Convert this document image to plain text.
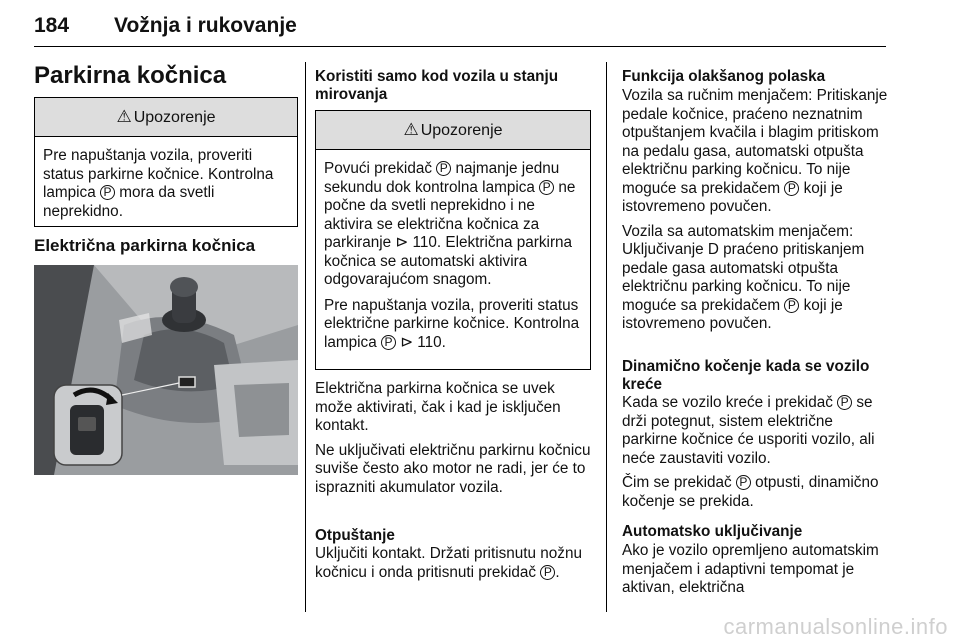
184 Vožnja i rukovanje
Parkirna kočnica
⚠ Upozorenje
Pre napuštanja vozila, proveriti status parkirne kočnice. Kontrolna lampica P mora da svetli neprekidno.
Električna parkirna kočnica
Koristiti samo kod vozila u stanju mirovanja
⚠ Upozorenje

Povući prekidač P najmanje jednu sekundu dok kontrolna lampica P ne počne da svetli neprekidno i ne aktivira se električna kočnica za parkiranje ⊳ 110. Električna parkirna kočnica se automatski aktivira odgovarajućom snagom.

Pre napuštanja vozila, proveriti status električne parkirne kočnice. Kontrolna lampica P ⊳ 110.

Električna parkirna kočnica se uvek može aktivirati, čak i kad je isključen kontakt.

Ne uključivati električnu parkirnu kočnicu suviše često ako motor ne radi, jer će to isprazniti akumulator vozila.

Otpuštanje
Uključiti kontakt. Držati pritisnutu nožnu kočnicu i onda pritisnuti prekidač P .
Funkcija olakšanog polaska

Vozila sa ručnim menjačem: Pritiskanje pedale kočnice, praćeno neznatnim otpuštanjem kvačila i blagim pritiskom na pedalu gasa, automatski otpušta električnu parking kočnicu. To nije moguće sa prekidačem P koji je istovremeno povučen.

Vozila sa automatskim menjačem: Uključivanje D praćeno pritiskanjem pedale gasa automatski otpušta električnu parking kočnicu. To nije moguće sa prekidačem P koji je istovremeno povučen.

Dinamično kočenje kada se vozilo kreće

Kada se vozilo kreće i prekidač P se drži potegnut, sistem električne parkirne kočnice će usporiti vozilo, ali neće zaustaviti vozilo.

Čim se prekidač P otpusti, dinamično kočenje se prekida.

Automatsko uključivanje
Ako je vozilo opremljeno automatskim menjačem i adaptivni tempomat je aktivan, električna
carmanualsonline.info
